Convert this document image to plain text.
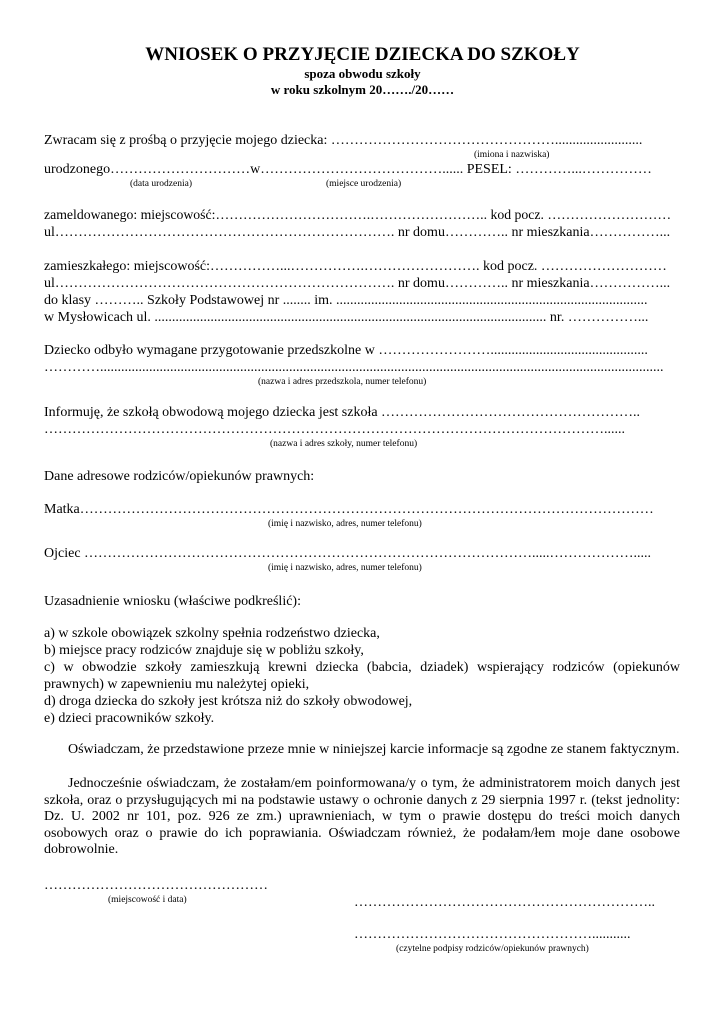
WNIOSEK O PRZYJĘCIE DZIECKA DO SZKOŁY
spoza obwodu szkoły
w roku szkolnym 20……./20……
Zwracam się z prośbą o przyjęcie mojego dziecka: ………………………………………….........................
(imiona i nazwiska)
urodzonego…………………………w…………………………………...... PESEL: …………...……………
(data urodzenia)	(miejsce urodzenia)
zameldowanego: miejscowość:…………………………….…………………….. kod pocz. ………………………
ul………………………………………………………………. nr domu………….. nr mieszkania……………...
zamieszkałego: miejscowość:……………...…………….……………………. kod pocz. ………………………
ul………………………………………………………………. nr domu………….. nr mieszkania……………...
do klasy ……….. Szkoły Podstawowej nr ........ im. .........................................................................................
w Mysłowicach ul. ................................................................................................................ nr. ……………...
Dziecko odbyło wymagane przygotowanie przedszkolne w …………………….............................................
………….................................................................................................................................................................
(nazwa i adres przedszkola, numer telefonu)
Informuję, że szkołą obwodową mojego dziecka jest szkoła ………………………………………………..
…………………………………………………………………………………………………………......
(nazwa i adres szkoły, numer telefonu)
Dane adresowe rodziców/opiekunów prawnych:
Matka……………………………………………………………………………………………………………
(imię i nazwisko, adres, numer telefonu)
Ojciec …………………………………………………………………………………….....……………….....
(imię i nazwisko, adres, numer telefonu)
Uzasadnienie wniosku (właściwe podkreślić):
a) w szkole obowiązek szkolny spełnia rodzeństwo dziecka,
b) miejsce pracy rodziców znajduje się w pobliżu szkoły,
c) w obwodzie szkoły zamieszkują krewni dziecka (babcia, dziadek) wspierający rodziców (opiekunów
prawnych) w zapewnieniu mu należytej opieki,
d) droga dziecka do szkoły jest krótsza niż do szkoły obwodowej,
e) dzieci pracowników szkoły.
Oświadczam, że przedstawione przeze mnie w niniejszej karcie informacje są zgodne ze stanem faktycznym.
Jednocześnie oświadczam, że zostałam/em poinformowana/y o tym, że administratorem moich danych jest szkoła, oraz o przysługujących mi na podstawie ustawy o ochronie danych z 29 sierpnia 1997 r. (tekst jednolity: Dz. U. 2002 nr 101, poz. 926 ze zm.) uprawnieniach, w tym o prawie dostępu do treści moich danych osobowych oraz o prawie do ich poprawiania. Oświadczam również, że podałam/łem moje dane osobowe dobrowolnie.
…………………………………………
(miejscowość i data)	………………………………………………………..
……………………………………………...........
(czytelne podpisy rodziców/opiekunów prawnych)
